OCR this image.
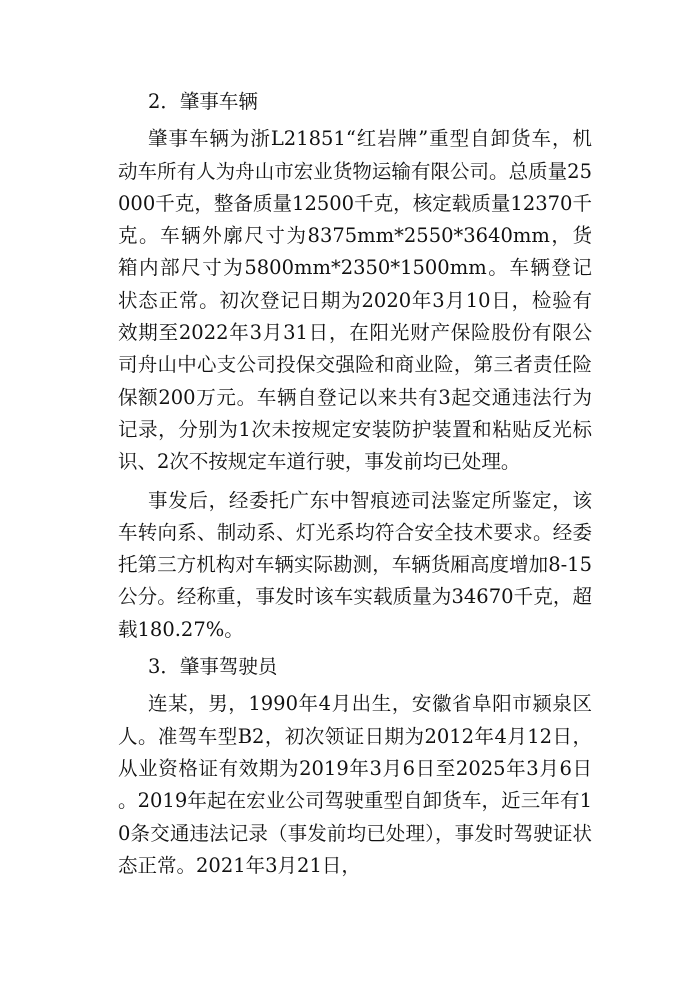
2．肇事车辆

肇事车辆为浙L21851“红岩牌”重型自卸货车，机动车所有人为舟山市宏业货物运输有限公司。总质量25000千克，整备质量12500千克，核定载质量12370千克。车辆外廓尺寸为8375mm*2550*3640mm，货箱内部尺寸为5800mm*2350*1500mm。车辆登记状态正常。初次登记日期为2020年3月10日，检验有效期至2022年3月31日，在阳光财产保险股份有限公司舟山中心支公司投保交强险和商业险，第三者责任险保额200万元。车辆自登记以来共有3起交通违法行为记录，分别为1次未按规定安装防护装置和粘贴反光标识、2次不按规定车道行驶，事发前均已处理。

事发后，经委托广东中智痕迹司法鉴定所鉴定，该车转向系、制动系、灯光系均符合安全技术要求。经委托第三方机构对车辆实际勘测，车辆货厢高度增加8-15公分。经称重，事发时该车实载质量为34670千克，超载180.27%。

3．肇事驾驶员

连某，男，1990年4月出生，安徽省阜阳市颍泉区人。准驾车型B2，初次领证日期为2012年4月12日，从业资格证有效期为2019年3月6日至2025年3月6日。2019年起在宏业公司驾驶重型自卸货车，近三年有10条交通违法记录（事发前均已处理），事发时驾驶证状态正常。2021年3月21日，
